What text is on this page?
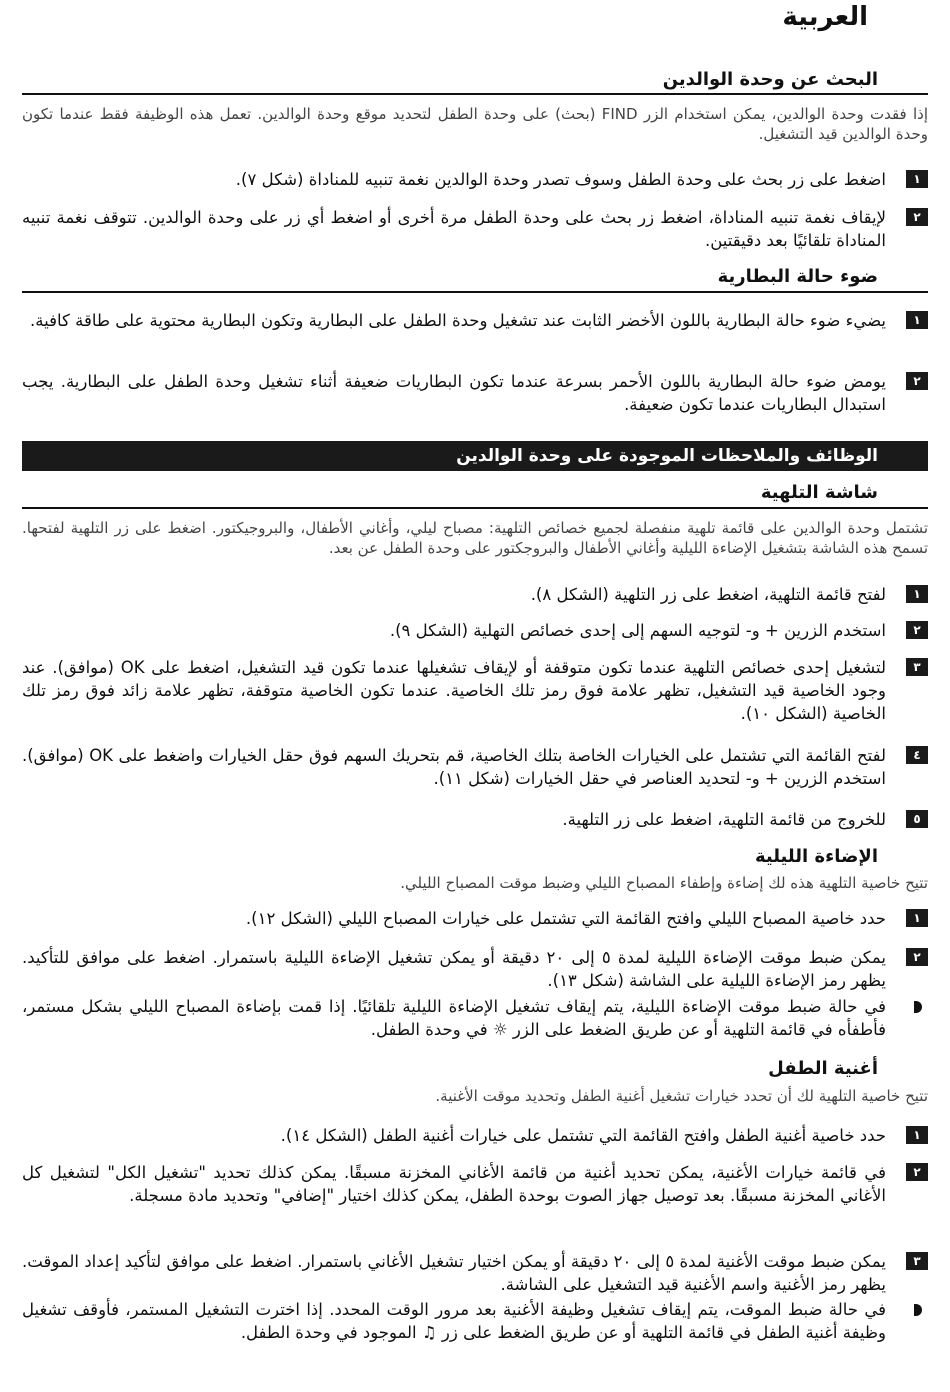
العربية
البحث عن وحدة الوالدين
إذا فقدت وحدة الوالدين، يمكن استخدام الزر FIND (بحث) على وحدة الطفل لتحديد موقع وحدة الوالدين. تعمل هذه الوظيفة فقط عندما تكون وحدة الوالدين قيد التشغيل.
١
اضغط على زر بحث على وحدة الطفل وسوف تصدر وحدة الوالدين نغمة تنبيه للمناداة (شكل ٧).
٢
لإيقاف نغمة تنبيه المناداة، اضغط زر بحث على وحدة الطفل مرة أخرى أو اضغط أي زر على وحدة الوالدين. تتوقف نغمة تنبيه المناداة تلقائيًا بعد دقيقتين.
ضوء حالة البطارية
١
يضيء ضوء حالة البطارية باللون الأخضر الثابت عند تشغيل وحدة الطفل على البطارية وتكون البطارية محتوية على طاقة كافية.
٢
يومض ضوء حالة البطارية باللون الأحمر بسرعة عندما تكون البطاريات ضعيفة أثناء تشغيل وحدة الطفل على البطارية. يجب استبدال البطاريات عندما تكون ضعيفة.
الوظائف والملاحظات الموجودة على وحدة الوالدين
شاشة التلهية
تشتمل وحدة الوالدين على قائمة تلهية منفصلة لجميع خصائص التلهية: مصباح ليلي، وأغاني الأطفال، والبروجيكتور. اضغط على زر التلهية لفتحها. تسمح هذه الشاشة بتشغيل الإضاءة الليلية وأغاني الأطفال والبروجكتور على وحدة الطفل عن بعد.
١
لفتح قائمة التلهية، اضغط على زر التلهية (الشكل ٨).
٢
استخدم الزرين + و- لتوجيه السهم إلى إحدى خصائص التهلية (الشكل ٩).
٣
لتشغيل إحدى خصائص التلهية عندما تكون متوقفة أو لإيقاف تشغيلها عندما تكون قيد التشغيل، اضغط على OK (موافق). عند وجود الخاصية قيد التشغيل، تظهر علامة فوق رمز تلك الخاصية. عندما تكون الخاصية متوقفة، تظهر علامة زائد فوق رمز تلك الخاصية (الشكل ١٠).
٤
لفتح القائمة التي تشتمل على الخيارات الخاصة بتلك الخاصية، قم بتحريك السهم فوق حقل الخيارات واضغط على OK (موافق). استخدم الزرين + و- لتحديد العناصر في حقل الخيارات (شكل ١١).
٥
للخروج من قائمة التلهية، اضغط على زر التلهية.
الإضاءة الليلية
تتيح خاصية التلهية هذه لك إضاءة وإطفاء المصباح الليلي وضبط موقت المصباح الليلي.
١
حدد خاصية المصباح الليلي وافتح القائمة التي تشتمل على خيارات المصباح الليلي (الشكل ١٢).
٢
يمكن ضبط موقت الإضاءة الليلية لمدة ٥ إلى ٢٠ دقيقة أو يمكن تشغيل الإضاءة الليلية باستمرار. اضغط على موافق للتأكيد. يظهر رمز الإضاءة الليلية على الشاشة (شكل ١٣).
في حالة ضبط موقت الإضاءة الليلية، يتم إيقاف تشغيل الإضاءة الليلية تلقائيًا. إذا قمت بإضاءة المصباح الليلي بشكل مستمر، فأطفأه في قائمة التلهية أو عن طريق الضغط على الزر ☼ في وحدة الطفل.
أغنية الطفل
تتيح خاصية التلهية لك أن تحدد خيارات تشغيل أغنية الطفل وتحديد موقت الأغنية.
١
حدد خاصية أغنية الطفل وافتح القائمة التي تشتمل على خيارات أغنية الطفل (الشكل ١٤).
٢
في قائمة خيارات الأغنية، يمكن تحديد أغنية من قائمة الأغاني المخزنة مسبقًا. يمكن كذلك تحديد "تشغيل الكل" لتشغيل كل الأغاني المخزنة مسبقًا. بعد توصيل جهاز الصوت بوحدة الطفل، يمكن كذلك اختيار "إضافي" وتحديد مادة مسجلة.
٣
يمكن ضبط موقت الأغنية لمدة ٥ إلى ٢٠ دقيقة أو يمكن اختيار تشغيل الأغاني باستمرار. اضغط على موافق لتأكيد إعداد الموقت. يظهر رمز الأغنية واسم الأغنية قيد التشغيل على الشاشة.
في حالة ضبط الموقت، يتم إيقاف تشغيل وظيفة الأغنية بعد مرور الوقت المحدد. إذا اخترت التشغيل المستمر، فأوقف تشغيل وظيفة أغنية الطفل في قائمة التلهية أو عن طريق الضغط على زر ♫ الموجود في وحدة الطفل.
